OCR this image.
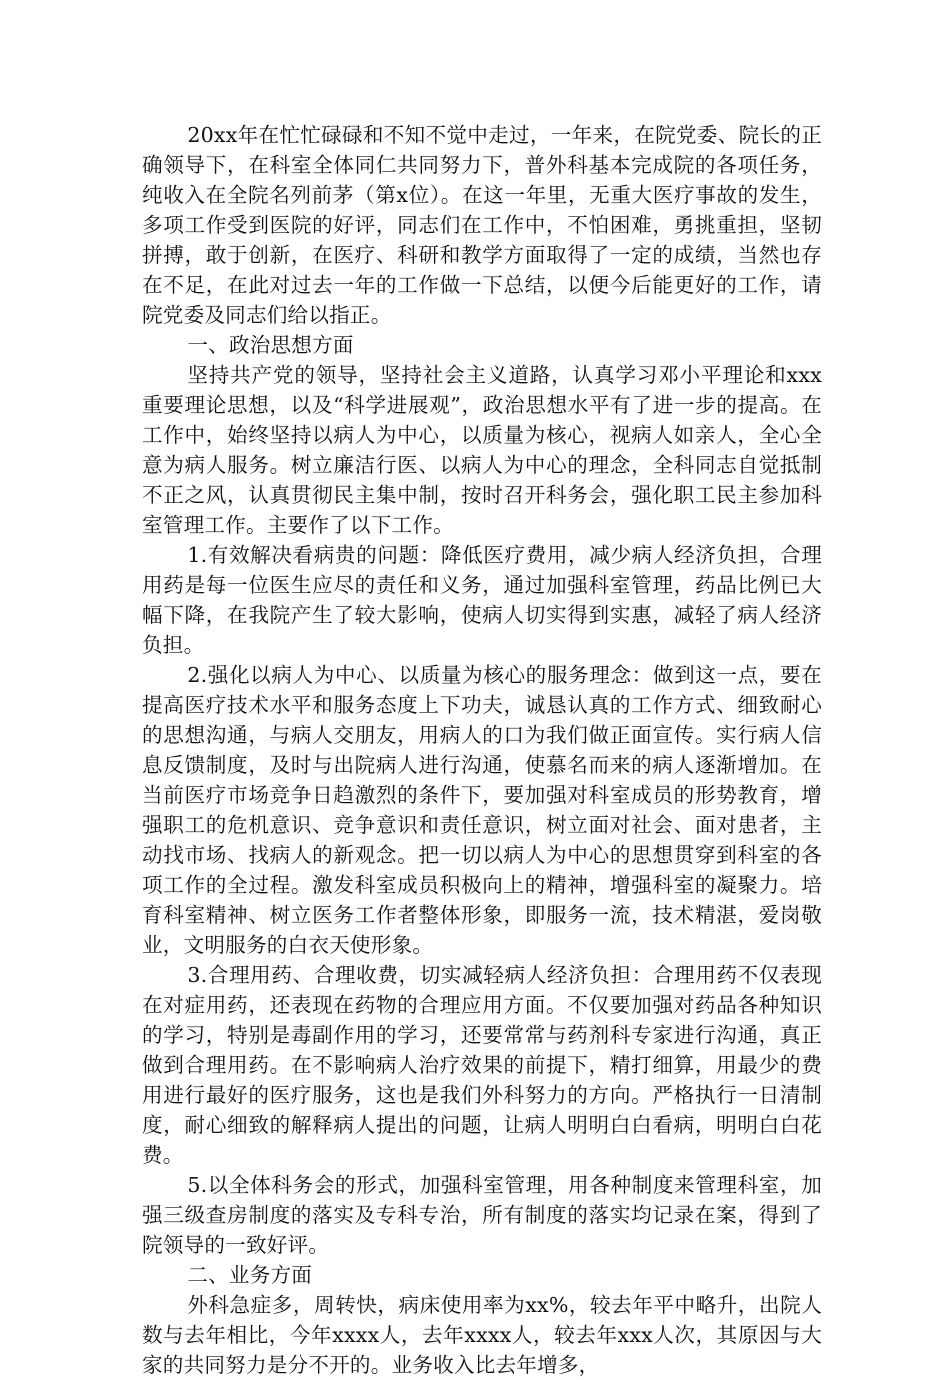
20xx年在忙忙碌碌和不知不觉中走过，一年来，在院党委、院长的正确领导下，在科室全体同仁共同努力下，普外科基本完成院的各项任务，纯收入在全院名列前茅（第x位）。在这一年里，无重大医疗事故的发生，多项工作受到医院的好评，同志们在工作中，不怕困难，勇挑重担，坚韧拼搏，敢于创新，在医疗、科研和教学方面取得了一定的成绩，当然也存在不足，在此对过去一年的工作做一下总结，以便今后能更好的工作，请院党委及同志们给以指正。

一、政治思想方面

坚持共产党的领导，坚持社会主义道路，认真学习邓小平理论和xxx重要理论思想，以及“科学进展观”，政治思想水平有了进一步的提高。在工作中，始终坚持以病人为中心，以质量为核心，视病人如亲人，全心全意为病人服务。树立廉洁行医、以病人为中心的理念，全科同志自觉抵制不正之风，认真贯彻民主集中制，按时召开科务会，强化职工民主参加科室管理工作。主要作了以下工作。

1.有效解决看病贵的问题：降低医疗费用，减少病人经济负担，合理用药是每一位医生应尽的责任和义务，通过加强科室管理，药品比例已大幅下降，在我院产生了较大影响，使病人切实得到实惠，减轻了病人经济负担。

2.强化以病人为中心、以质量为核心的服务理念：做到这一点，要在提高医疗技术水平和服务态度上下功夫，诚恳认真的工作方式、细致耐心的思想沟通，与病人交朋友，用病人的口为我们做正面宣传。实行病人信息反馈制度，及时与出院病人进行沟通，使慕名而来的病人逐渐增加。在当前医疗市场竞争日趋激烈的条件下，要加强对科室成员的形势教育，增强职工的危机意识、竞争意识和责任意识，树立面对社会、面对患者，主动找市场、找病人的新观念。把一切以病人为中心的思想贯穿到科室的各项工作的全过程。激发科室成员积极向上的精神，增强科室的凝聚力。培育科室精神、树立医务工作者整体形象，即服务一流，技术精湛，爱岗敬业，文明服务的白衣天使形象。

3.合理用药、合理收费，切实减轻病人经济负担：合理用药不仅表现在对症用药，还表现在药物的合理应用方面。不仅要加强对药品各种知识的学习，特别是毒副作用的学习，还要常常与药剂科专家进行沟通，真正做到合理用药。在不影响病人治疗效果的前提下，精打细算，用最少的费用进行最好的医疗服务，这也是我们外科努力的方向。严格执行一日清制度，耐心细致的解释病人提出的问题，让病人明明白白看病，明明白白花费。

5.以全体科务会的形式，加强科室管理，用各种制度来管理科室，加强三级查房制度的落实及专科专治，所有制度的落实均记录在案，得到了院领导的一致好评。

二、业务方面

外科急症多，周转快，病床使用率为xx%，较去年平中略升，出院人数与去年相比，今年xxxx人，去年xxxx人，较去年xxx人次，其原因与大家的共同努力是分不开的。业务收入比去年增多，
